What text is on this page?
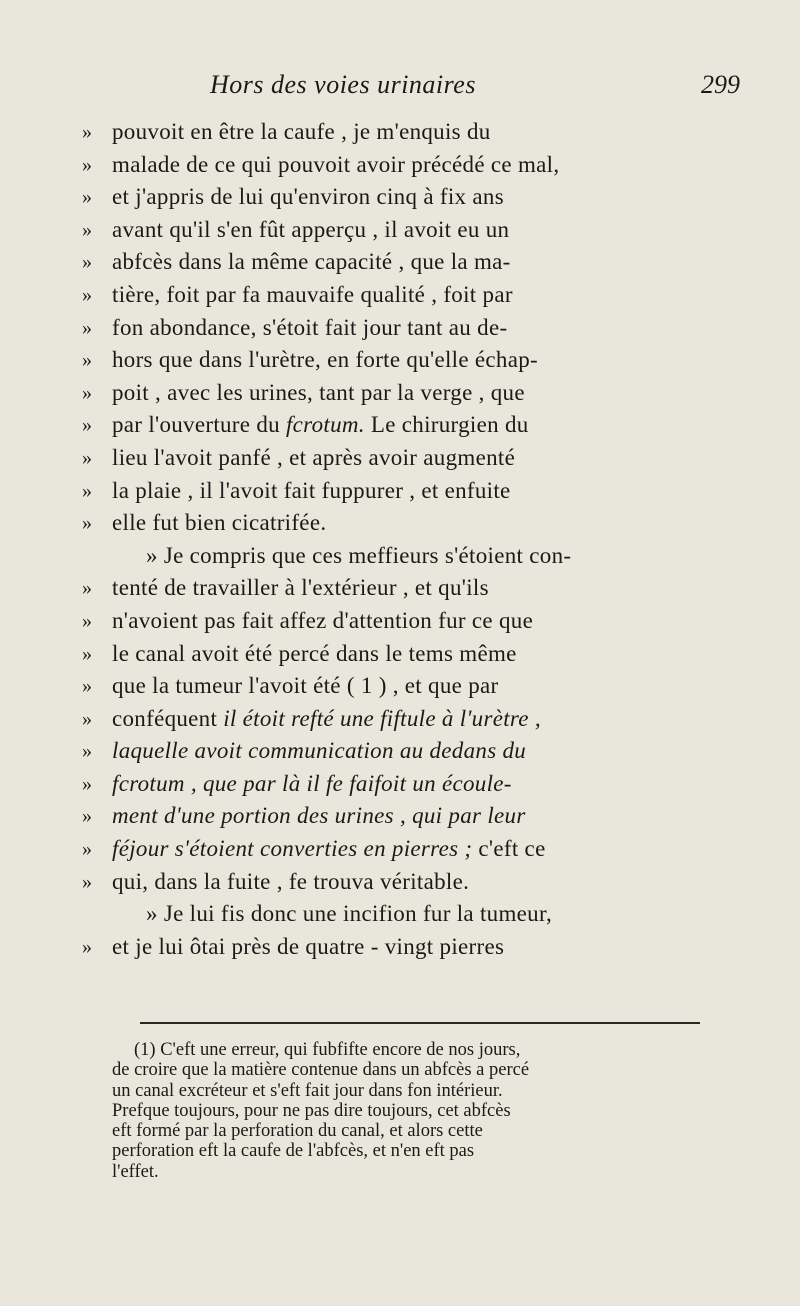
Hors des voies urinaires	299
» pouvoit en être la caufe , je m'enquis du
» malade de ce qui pouvoit avoir précédé ce mal,
» et j'appris de lui qu'environ cinq à fix ans
» avant qu'il s'en fût apperçu , il avoit eu un
» abfcès dans la même capacité , que la ma-
» tière, foit par fa mauvaife qualité , foit par
» fon abondance, s'étoit fait jour tant au de-
» hors que dans l'urètre, en forte qu'elle échap-
» poit , avec les urines, tant par la verge , que
» par l'ouverture du fcrotum. Le chirurgien du
» lieu l'avoit panfé , et après avoir augmenté
» la plaie , il l'avoit fait fuppurer , et enfuite
» elle fut bien cicatrifée.
» Je compris que ces meffieurs s'étoient con-
» tenté de travailler à l'extérieur , et qu'ils
» n'avoient pas fait affez d'attention fur ce que
» le canal avoit été percé dans le tems même
» que la tumeur l'avoit été ( 1 ) , et que par
» conféquent il étoit refté une fiftule à l'urètre ,
» laquelle avoit communication au dedans du
» fcrotum , que par là il fe faifoit un écoule-
» ment d'une portion des urines , qui par leur
» féjour s'étoient converties en pierres ; c'eft ce
» qui, dans la fuite , fe trouva véritable.
» Je lui fis donc une incifion fur la tumeur,
» et je lui ôtai près de quatre - vingt pierres
(1) C'eft une erreur, qui fubfifte encore de nos jours,
de croire que la matière contenue dans un abfcès a percé
un canal excréteur et s'eft fait jour dans fon intérieur.
Prefque toujours, pour ne pas dire toujours, cet abfcès
eft formé par la perforation du canal, et alors cette
perforation eft la caufe de l'abfcès, et n'en eft pas
l'effet.
